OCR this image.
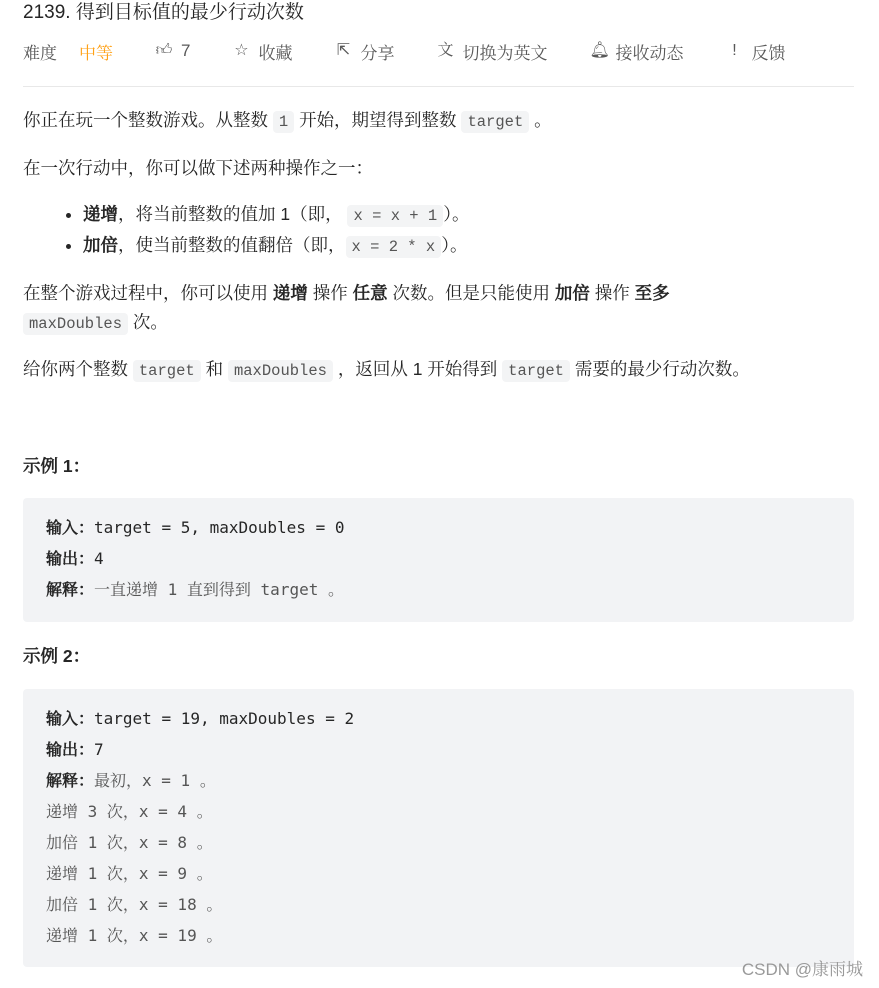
2139. 得到目标值的最少行动次数
难度 中等	👍︎ 7	☆ 收藏	⇱ 分享	文 切换为英文	🔔︎ 接收动态	! 反馈

你正在玩一个整数游戏。从整数 1 开始，期望得到整数 target 。

在一次行动中，你可以做下述两种操作之一：

• 递增，将当前整数的值加 1（即， x = x + 1 ）。
• 加倍，使当前整数的值翻倍（即， x = 2 * x ）。

在整个游戏过程中，你可以使用 递增 操作 任意 次数。但是只能使用 加倍 操作 至多
maxDoubles 次。

给你两个整数 target 和 maxDoubles ，返回从 1 开始得到 target 需要的最少行动次数。

示例 1：
输入：target = 5, maxDoubles = 0
输出：4
解释：一直递增 1 直到得到 target 。
示例 2：
输入：target = 19, maxDoubles = 2
输出：7
解释：最初，x = 1 。
递增 3 次，x = 4 。
加倍 1 次，x = 8 。
递增 1 次，x = 9 。
加倍 1 次，x = 18 。
递增 1 次，x = 19 。
CSDN @康雨城
